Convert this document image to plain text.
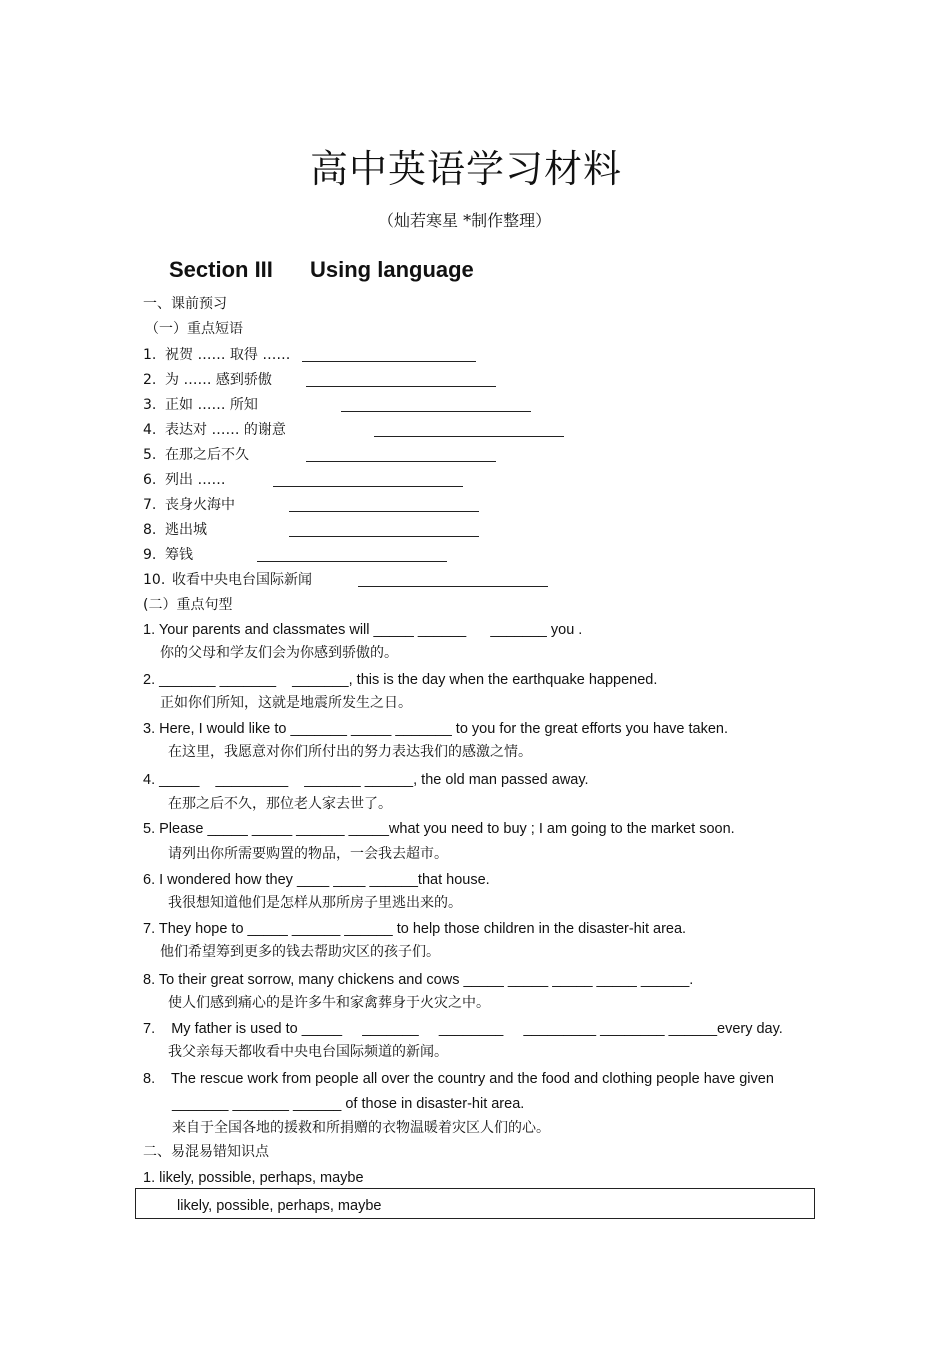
高中英语学习材料
（灿若寒星 *制作整理）
Section III Using language
一、课前预习
（一）重点短语
1. 祝贺 …… 取得 ……
2. 为 …… 感到骄傲
3. 正如 …… 所知
4. 表达对 …… 的谢意
5. 在那之后不久
6. 列出 ……
7. 丧身火海中
8. 逃出城
9. 筹钱
10. 收看中央电台国际新闻
(二）重点句型
1. Your parents and classmates will _____ ______      _______ you .
你的父母和学友们会为你感到骄傲的。
2. _______ _______    _______, this is the day when the earthquake happened.
正如你们所知，这就是地震所发生之日。
3. Here, I would like to _______ _____ _______ to you for the great efforts you have taken.
在这里，我愿意对你们所付出的努力表达我们的感激之情。
4. _____    _________    _______ ______, the old man passed away.
在那之后不久，那位老人家去世了。
5. Please _____ _____ ______ _____what you need to buy ; I am going to the market soon.
请列出你所需要购置的物品，一会我去超市。
6. I wondered how they ____ ____ ______that house.
我很想知道他们是怎样从那所房子里逃出来的。
7. They hope to _____ ______ ______ to help those children in the disaster-hit area.
他们希望筹到更多的钱去帮助灾区的孩子们。
8. To their great sorrow, many chickens and cows _____ _____ _____ _____ ______.
使人们感到痛心的是许多牛和家禽葬身于火灾之中。
7.    My father is used to _____     _______     ________     _________ ________ ______every day.
我父亲每天都收看中央电台国际频道的新闻。
8.    The rescue work from people all over the country and the food and clothing people have given
_______ _______ ______ of those in disaster-hit area.
来自于全国各地的援救和所捐赠的衣物温暖着灾区人们的心。
二、易混易错知识点
1. likely, possible, perhaps, maybe
likely, possible, perhaps, maybe
